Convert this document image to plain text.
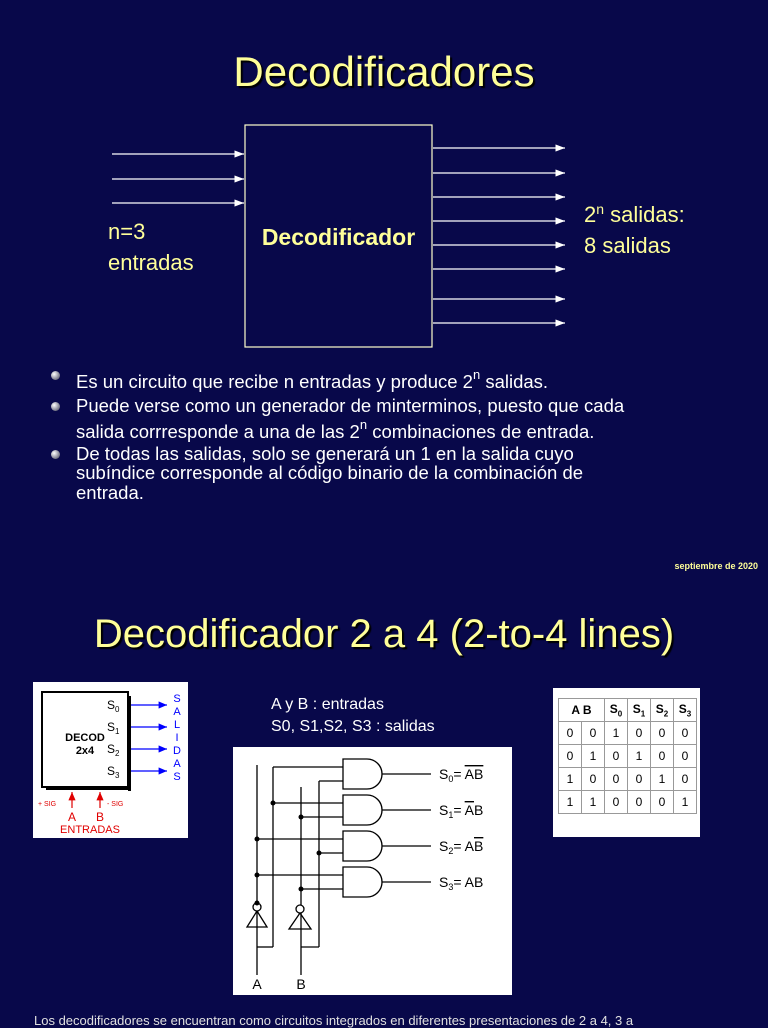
Decodificadores
Decodificador
n=3
entradas
2$^n$ salidas:
8 salidas
Es un circuito que recibe n entradas y produce 2$^n$ salidas.
Puede verse como un generador de minterminos, puesto que cada
salida corrresponde a una de las 2$^n$ combinaciones de entrada.
De todas las salidas, solo se generará un 1 en la salida cuyo
subíndice corresponde al código binario de la combinación de
entrada.
septiembre de 2020
Decodificador 2 a 4 (2-to-4 lines)
DECOD
2x4
$S_0$
$S_1$
$S_2$
$S_3$
S
A
L
I
D
A
S
+ SIG	- SIG
A B
ENTRADAS
A y B : entradas
S0, S1,S2, S3 : salidas
A B		$S_0$	$S_1$	$S_2$	$S_3$
0	0	1	0	0	0
0	1	0	1	0	0
1	0	0	0	1	0
1	1	0	0	0	1
$S_0=$ AB
$S_1=$ AB
$S_2=$ AB
$S_3=$ AB
A B
Los decodificadores se encuentran como circuitos integrados en diferentes presentaciones de 2 a 4, 3 a
